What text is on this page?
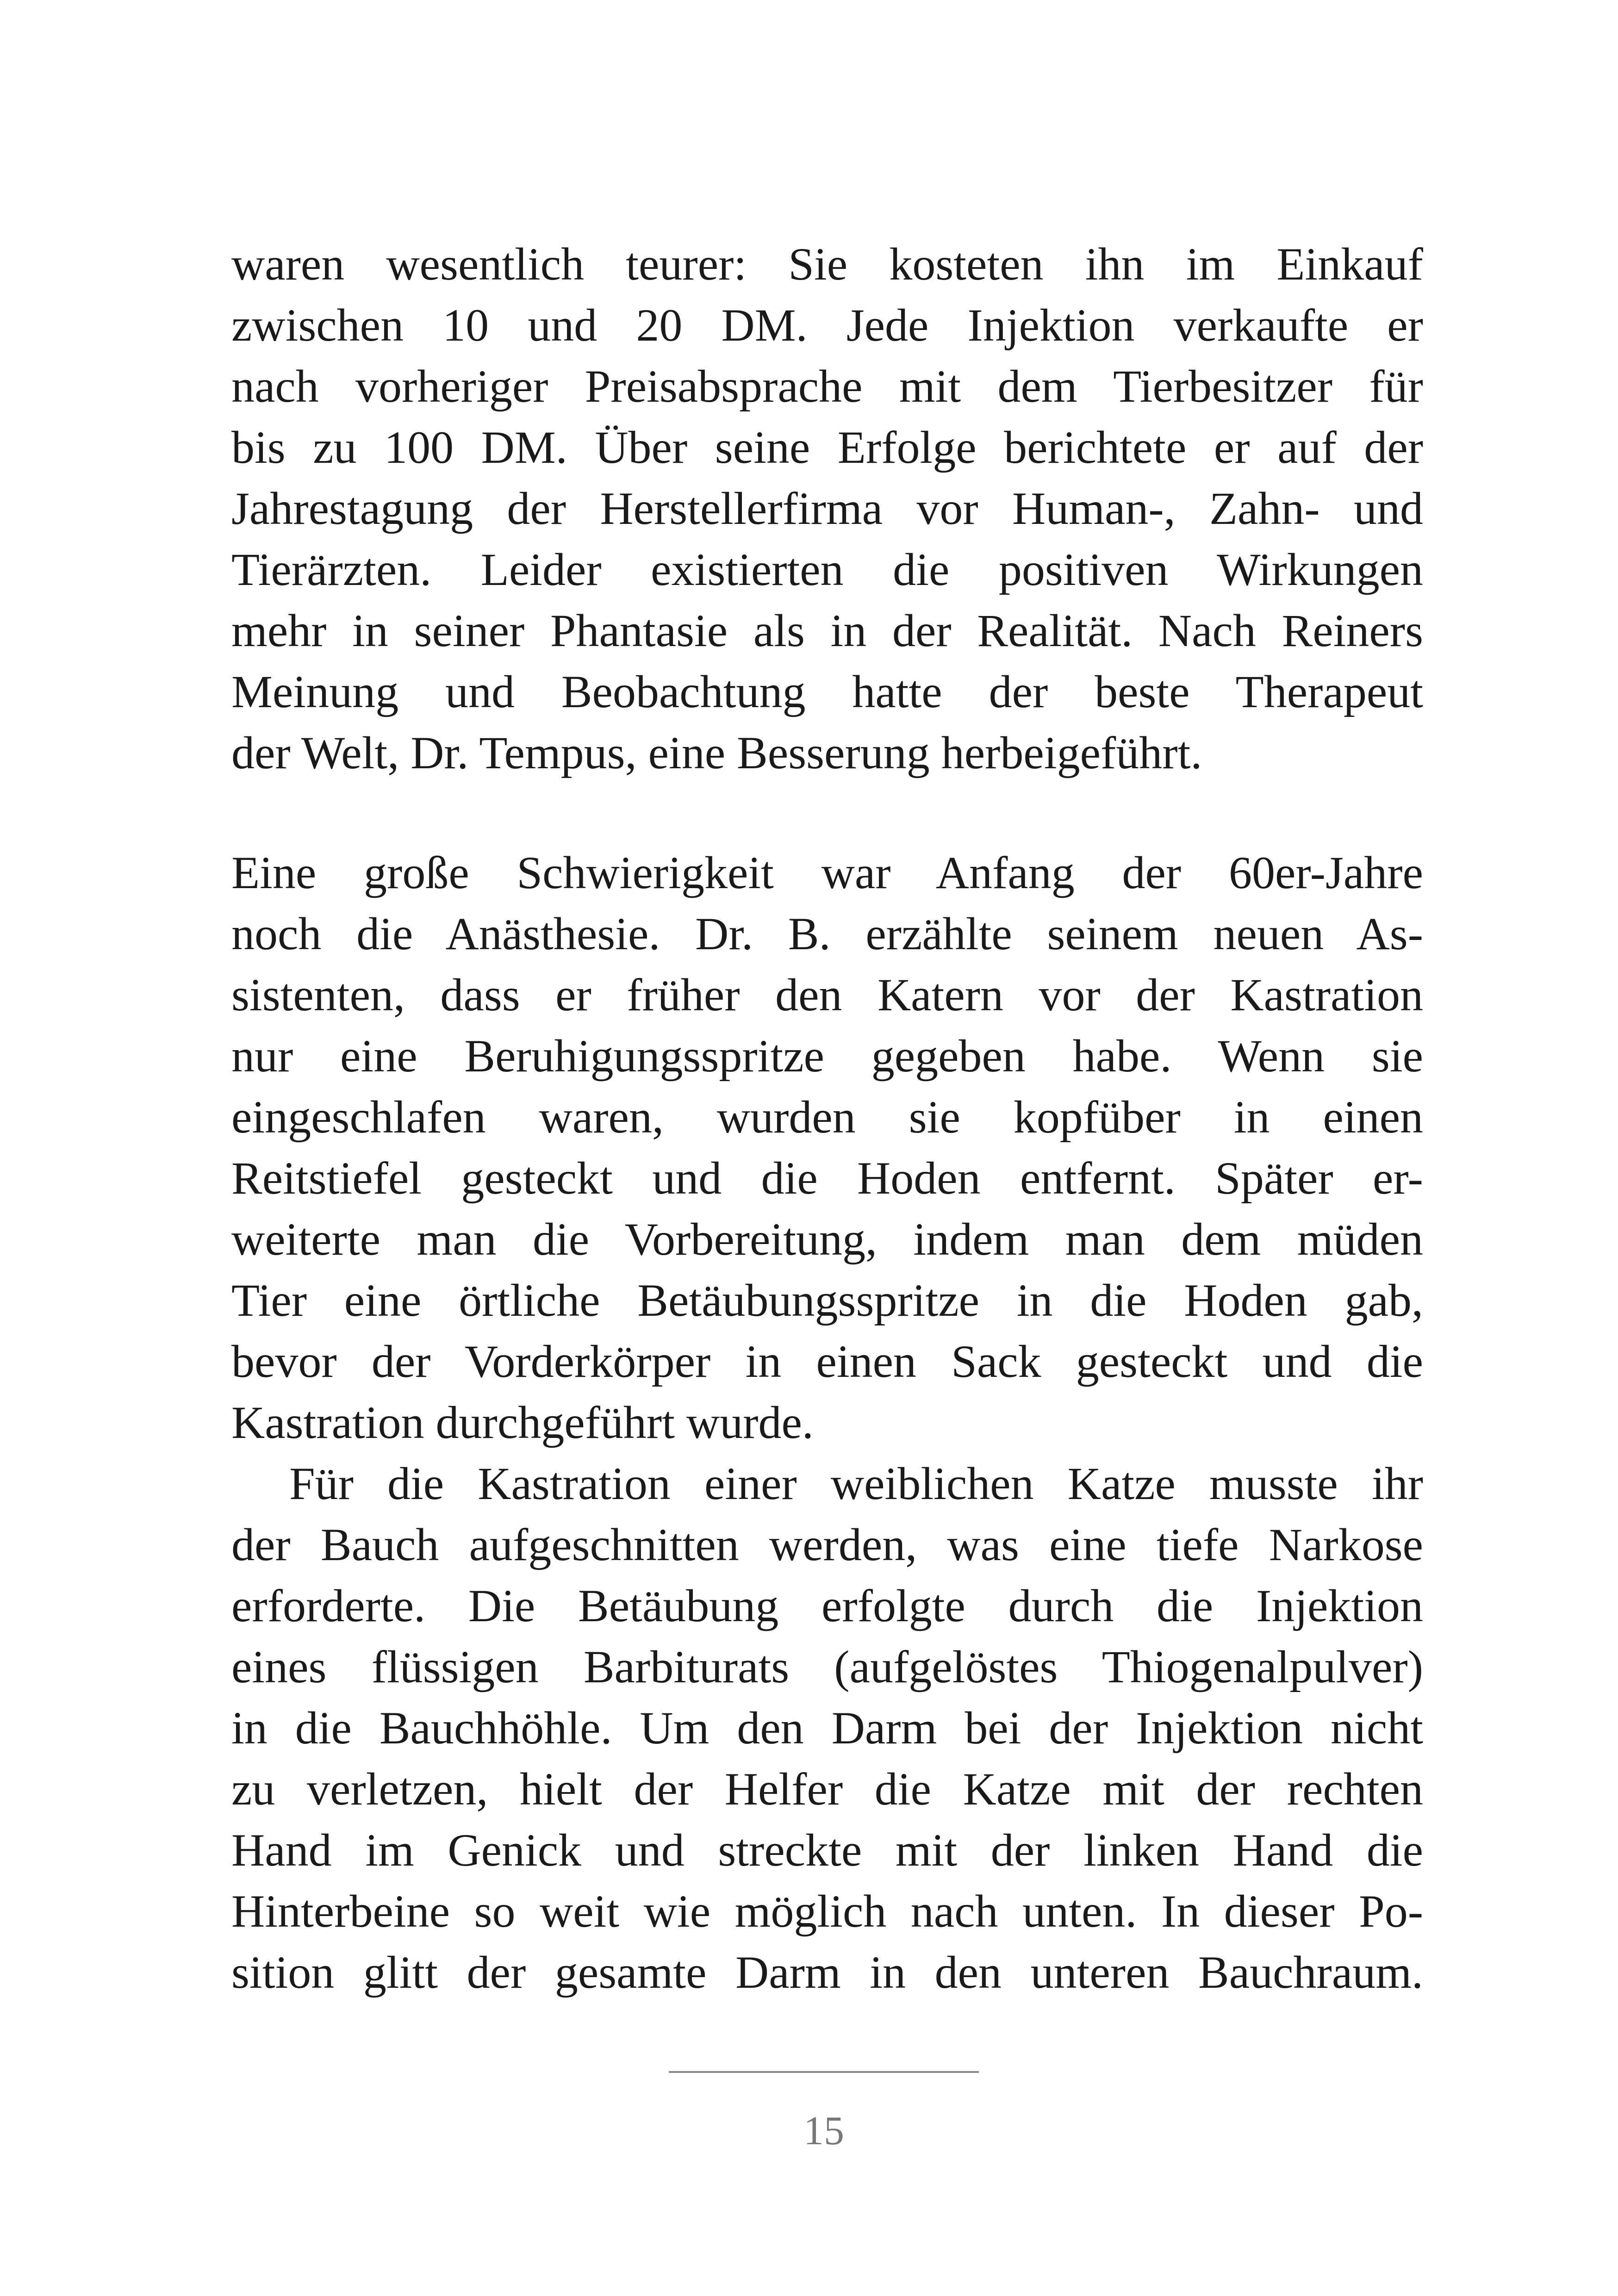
waren wesentlich teurer: Sie kosteten ihn im Einkauf
zwischen 10 und 20 DM. Jede Injektion verkaufte er
nach vorheriger Preisabsprache mit dem Tierbesitzer für
bis zu 100 DM. Über seine Erfolge berichtete er auf der
Jahrestagung der Herstellerfirma vor Human-, Zahn- und
Tierärzten. Leider existierten die positiven Wirkungen
mehr in seiner Phantasie als in der Realität. Nach Reiners
Meinung und Beobachtung hatte der beste Therapeut
der Welt, Dr. Tempus, eine Besserung herbeigeführt.
Eine große Schwierigkeit war Anfang der 60er-Jahre
noch die Anästhesie. Dr. B. erzählte seinem neuen As-
sistenten, dass er früher den Katern vor der Kastration
nur eine Beruhigungsspritze gegeben habe. Wenn sie
eingeschlafen waren, wurden sie kopfüber in einen
Reitstiefel gesteckt und die Hoden entfernt. Später er-
weiterte man die Vorbereitung, indem man dem müden
Tier eine örtliche Betäubungsspritze in die Hoden gab,
bevor der Vorderkörper in einen Sack gesteckt und die
Kastration durchgeführt wurde.
Für die Kastration einer weiblichen Katze musste ihr
der Bauch aufgeschnitten werden, was eine tiefe Narkose
erforderte. Die Betäubung erfolgte durch die Injektion
eines flüssigen Barbiturats (aufgelöstes Thiogenalpulver)
in die Bauchhöhle. Um den Darm bei der Injektion nicht
zu verletzen, hielt der Helfer die Katze mit der rechten
Hand im Genick und streckte mit der linken Hand die
Hinterbeine so weit wie möglich nach unten. In dieser Po-
sition glitt der gesamte Darm in den unteren Bauchraum.
15
